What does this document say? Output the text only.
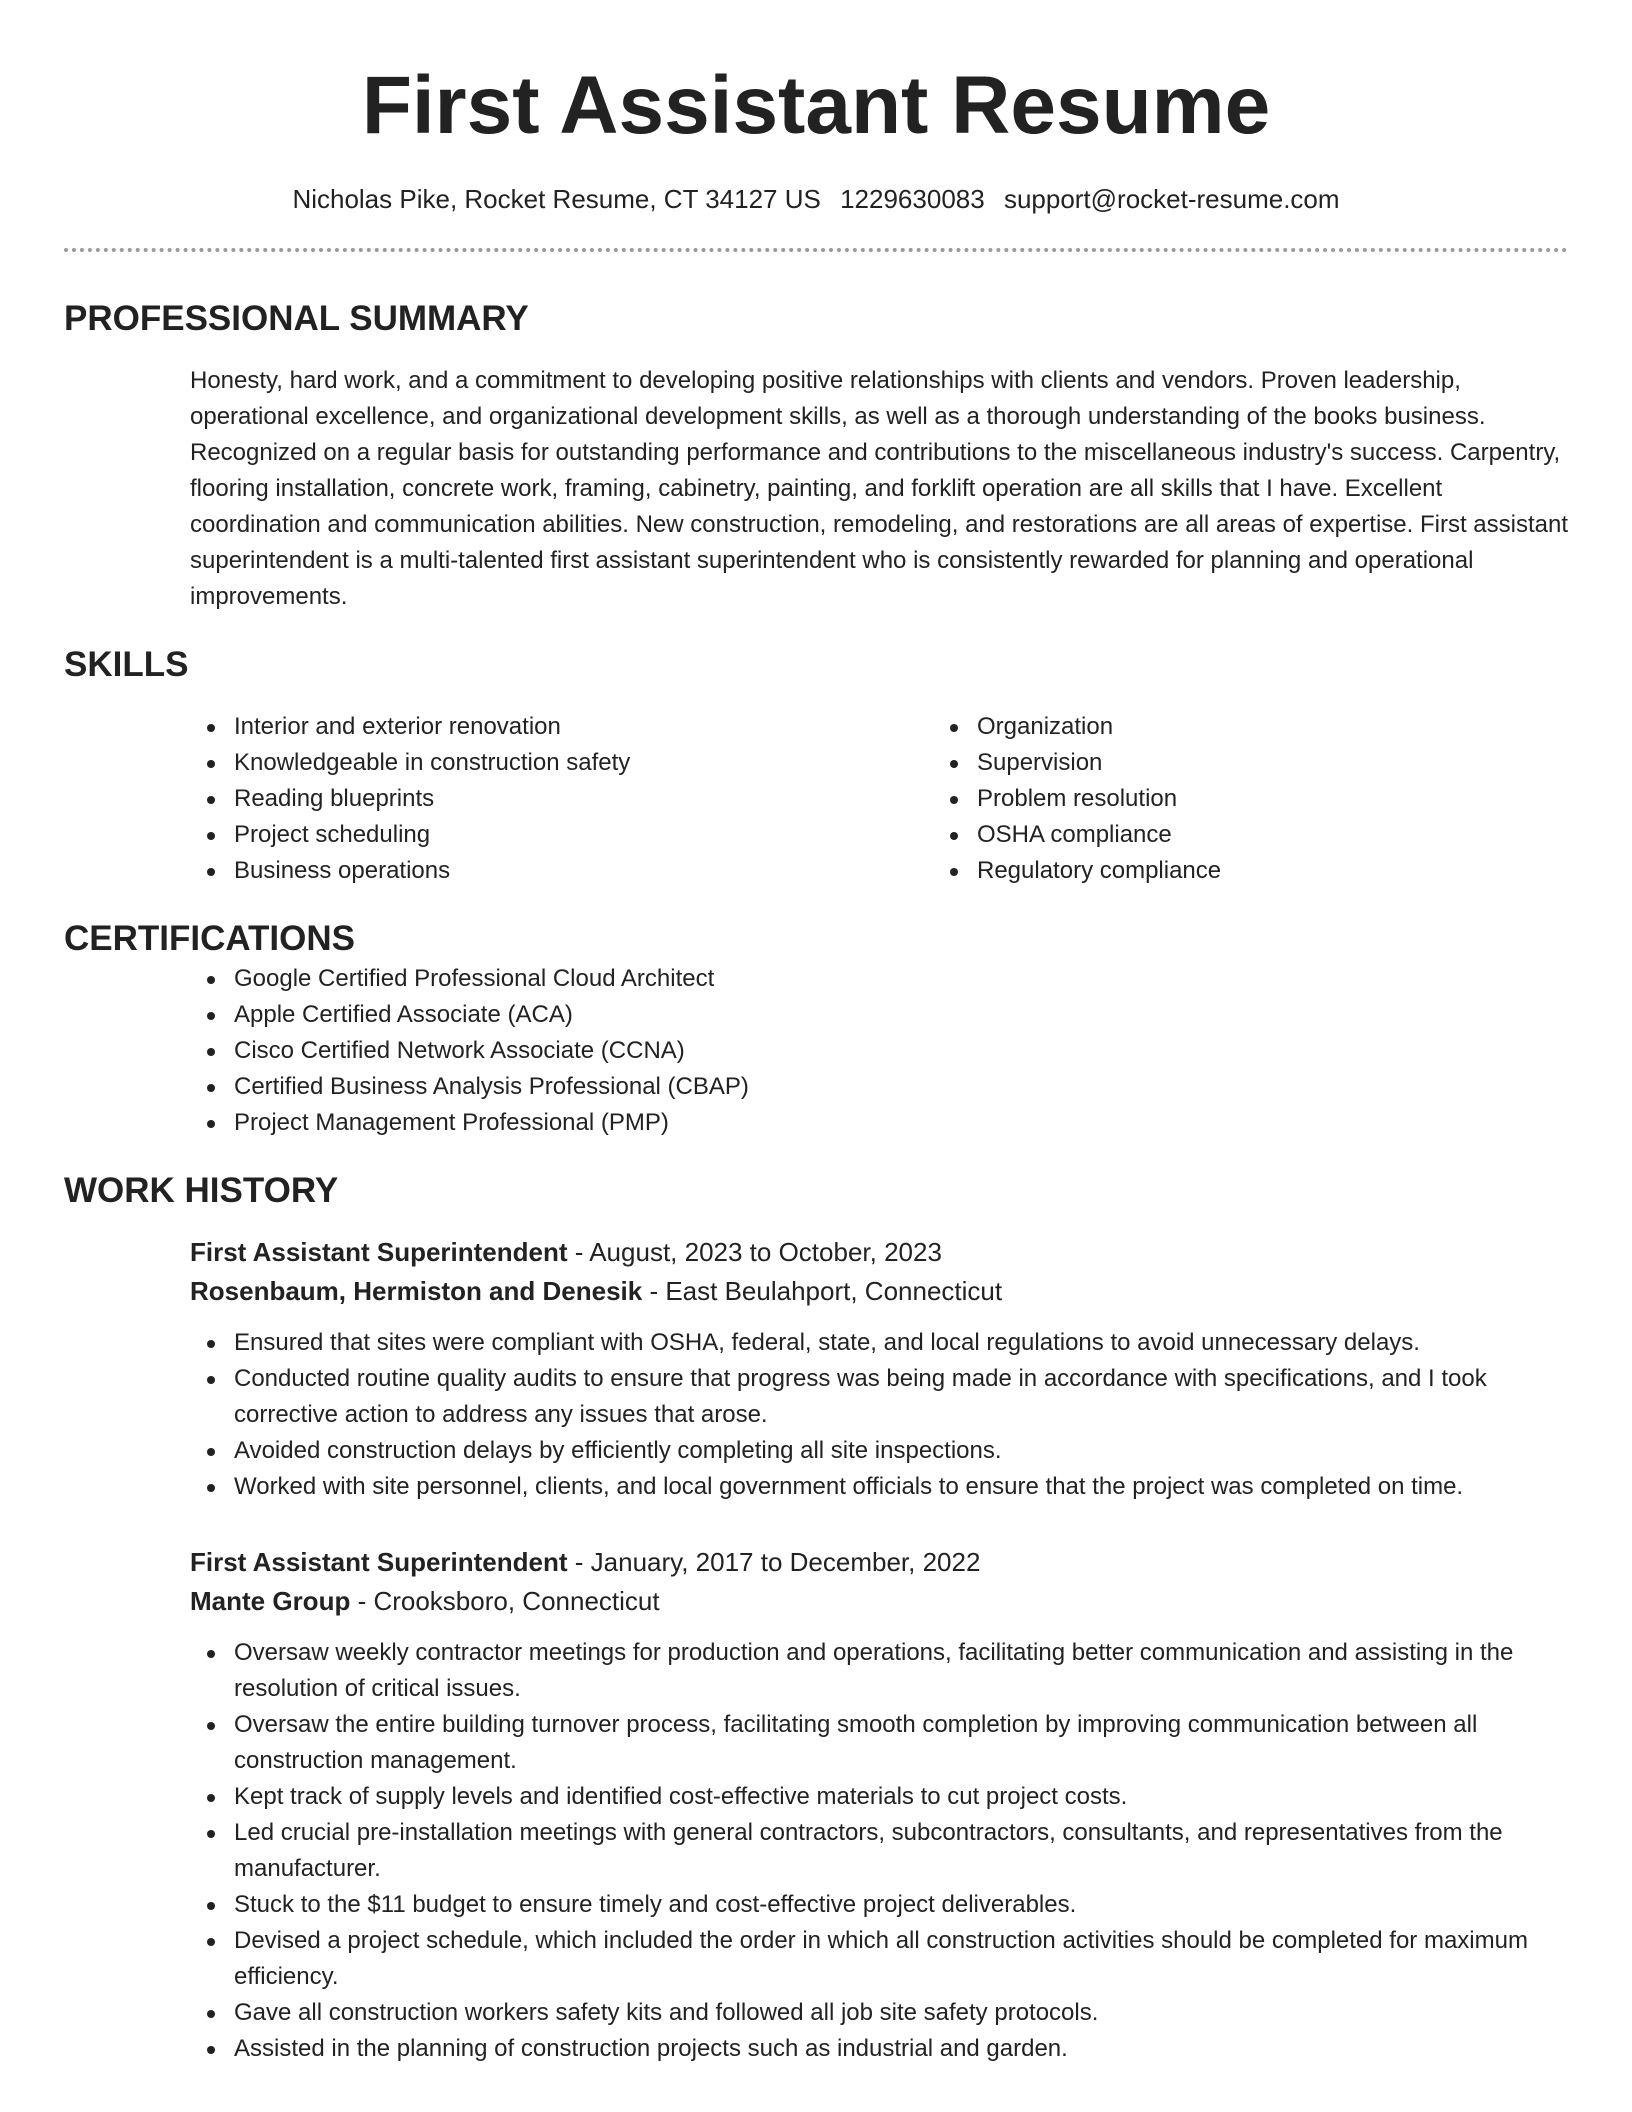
First Assistant Resume
Nicholas Pike, Rocket Resume, CT 34127 US 1229630083 support@rocket-resume.com
PROFESSIONAL SUMMARY

Honesty, hard work, and a commitment to developing positive relationships with clients and vendors. Proven leadership, operational excellence, and organizational development skills, as well as a thorough understanding of the books business. Recognized on a regular basis for outstanding performance and contributions to the miscellaneous industry's success. Carpentry, flooring installation, concrete work, framing, cabinetry, painting, and forklift operation are all skills that I have. Excellent coordination and communication abilities. New construction, remodeling, and restorations are all areas of expertise. First assistant superintendent is a multi-talented first assistant superintendent who is consistently rewarded for planning and operational improvements.

SKILLS
Interior and exterior renovation
Knowledgeable in construction safety
Reading blueprints
Project scheduling
Business operations
Organization
Supervision
Problem resolution
OSHA compliance
Regulatory compliance
CERTIFICATIONS
Google Certified Professional Cloud Architect
Apple Certified Associate (ACA)
Cisco Certified Network Associate (CCNA)
Certified Business Analysis Professional (CBAP)
Project Management Professional (PMP)
WORK HISTORY
First Assistant Superintendent - August, 2023 to October, 2023
Rosenbaum, Hermiston and Denesik - East Beulahport, Connecticut
Ensured that sites were compliant with OSHA, federal, state, and local regulations to avoid unnecessary delays.
Conducted routine quality audits to ensure that progress was being made in accordance with specifications, and I took corrective action to address any issues that arose.
Avoided construction delays by efficiently completing all site inspections.
Worked with site personnel, clients, and local government officials to ensure that the project was completed on time.
First Assistant Superintendent - January, 2017 to December, 2022
Mante Group - Crooksboro, Connecticut
Oversaw weekly contractor meetings for production and operations, facilitating better communication and assisting in the resolution of critical issues.
Oversaw the entire building turnover process, facilitating smooth completion by improving communication between all construction management.
Kept track of supply levels and identified cost-effective materials to cut project costs.
Led crucial pre-installation meetings with general contractors, subcontractors, consultants, and representatives from the manufacturer.
Stuck to the $11 budget to ensure timely and cost-effective project deliverables.
Devised a project schedule, which included the order in which all construction activities should be completed for maximum efficiency.
Gave all construction workers safety kits and followed all job site safety protocols.
Assisted in the planning of construction projects such as industrial and garden.
